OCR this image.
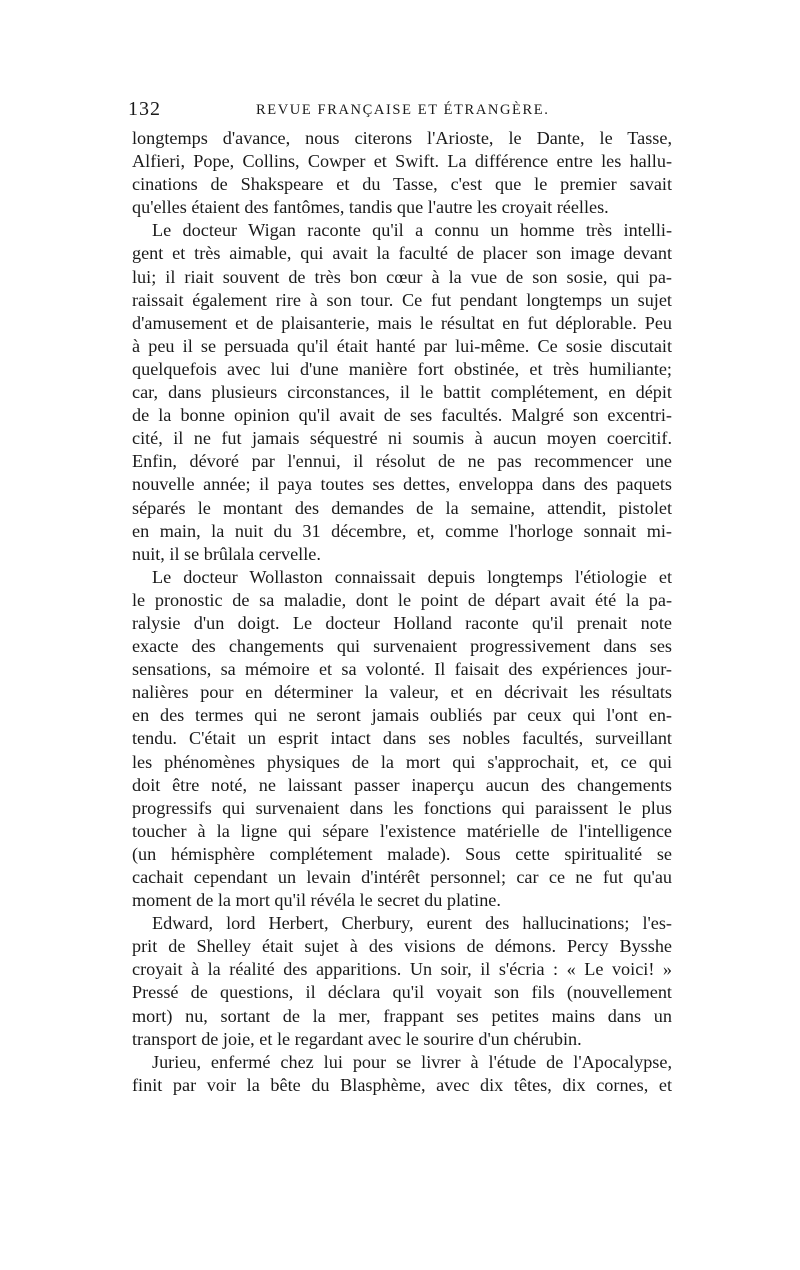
132	REVUE FRANÇAISE ET ÉTRANGÈRE.
longtemps d'avance, nous citerons l'Arioste, le Dante, le Tasse,
Alfieri, Pope, Collins, Cowper et Swift. La différence entre les hallu-
cinations de Shakspeare et du Tasse, c'est que le premier savait
qu'elles étaient des fantômes, tandis que l'autre les croyait réelles.
Le docteur Wigan raconte qu'il a connu un homme très intelli-
gent et très aimable, qui avait la faculté de placer son image devant
lui; il riait souvent de très bon cœur à la vue de son sosie, qui pa-
raissait également rire à son tour. Ce fut pendant longtemps un sujet
d'amusement et de plaisanterie, mais le résultat en fut déplorable. Peu
à peu il se persuada qu'il était hanté par lui-même. Ce sosie discutait
quelquefois avec lui d'une manière fort obstinée, et très humiliante;
car, dans plusieurs circonstances, il le battit complétement, en dépit
de la bonne opinion qu'il avait de ses facultés. Malgré son excentri-
cité, il ne fut jamais séquestré ni soumis à aucun moyen coercitif.
Enfin, dévoré par l'ennui, il résolut de ne pas recommencer une
nouvelle année; il paya toutes ses dettes, enveloppa dans des paquets
séparés le montant des demandes de la semaine, attendit, pistolet
en main, la nuit du 31 décembre, et, comme l'horloge sonnait mi-
nuit, il se brûlala cervelle.
Le docteur Wollaston connaissait depuis longtemps l'étiologie et
le pronostic de sa maladie, dont le point de départ avait été la pa-
ralysie d'un doigt. Le docteur Holland raconte qu'il prenait note
exacte des changements qui survenaient progressivement dans ses
sensations, sa mémoire et sa volonté. Il faisait des expériences jour-
nalières pour en déterminer la valeur, et en décrivait les résultats
en des termes qui ne seront jamais oubliés par ceux qui l'ont en-
tendu. C'était un esprit intact dans ses nobles facultés, surveillant
les phénomènes physiques de la mort qui s'approchait, et, ce qui
doit être noté, ne laissant passer inaperçu aucun des changements
progressifs qui survenaient dans les fonctions qui paraissent le plus
toucher à la ligne qui sépare l'existence matérielle de l'intelligence
(un hémisphère complétement malade). Sous cette spiritualité se
cachait cependant un levain d'intérêt personnel; car ce ne fut qu'au
moment de la mort qu'il révéla le secret du platine.
Edward, lord Herbert, Cherbury, eurent des hallucinations; l'es-
prit de Shelley était sujet à des visions de démons. Percy Bysshe
croyait à la réalité des apparitions. Un soir, il s'écria : « Le voici! »
Pressé de questions, il déclara qu'il voyait son fils (nouvellement
mort) nu, sortant de la mer, frappant ses petites mains dans un
transport de joie, et le regardant avec le sourire d'un chérubin.
Jurieu, enfermé chez lui pour se livrer à l'étude de l'Apocalypse,
finit par voir la bête du Blasphème, avec dix têtes, dix cornes, et
